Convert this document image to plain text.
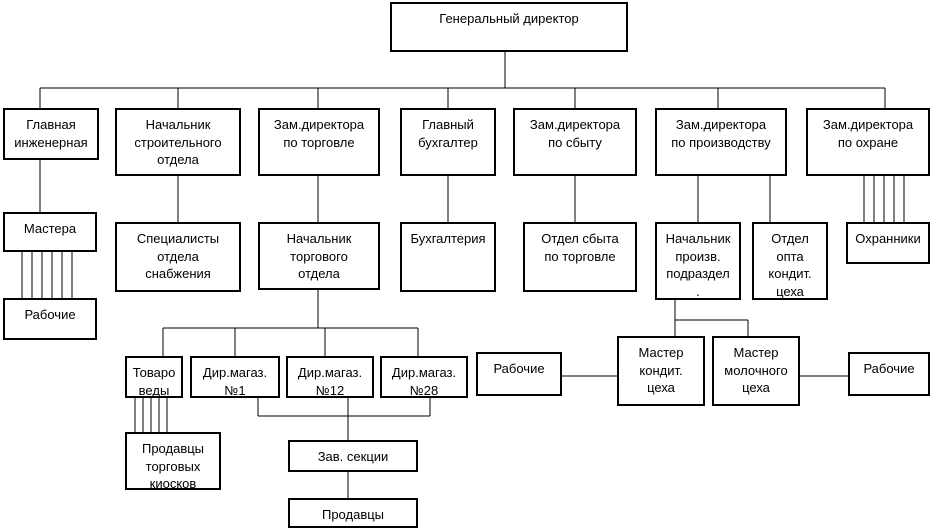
Генеральный директор
Главная
инженерная
Начальник
строительного
отдела
Зам.директора
по торговле
Главный
бухгалтер
Зам.директора
по сбыту
Зам.директора
по производству
Зам.директора
по охране
Мастера
Специалисты
отдела
снабжения
Начальник
торгового
отдела
Бухгалтерия	Отдел сбыта
по торговле
Начальник
произв.
подраздел
.
Отдел
опта
кондит.
цеха
Охранники
Рабочие
Товаро
веды
Дир.магаз.
№1
Дир.магаз.
№12
Дир.магаз.
№28
Рабочие
Мастер
кондит.
цеха
Мастер
молочного
цеха
Рабочие
Продавцы
торговых
киосков
Зав. секции
Продавцы
